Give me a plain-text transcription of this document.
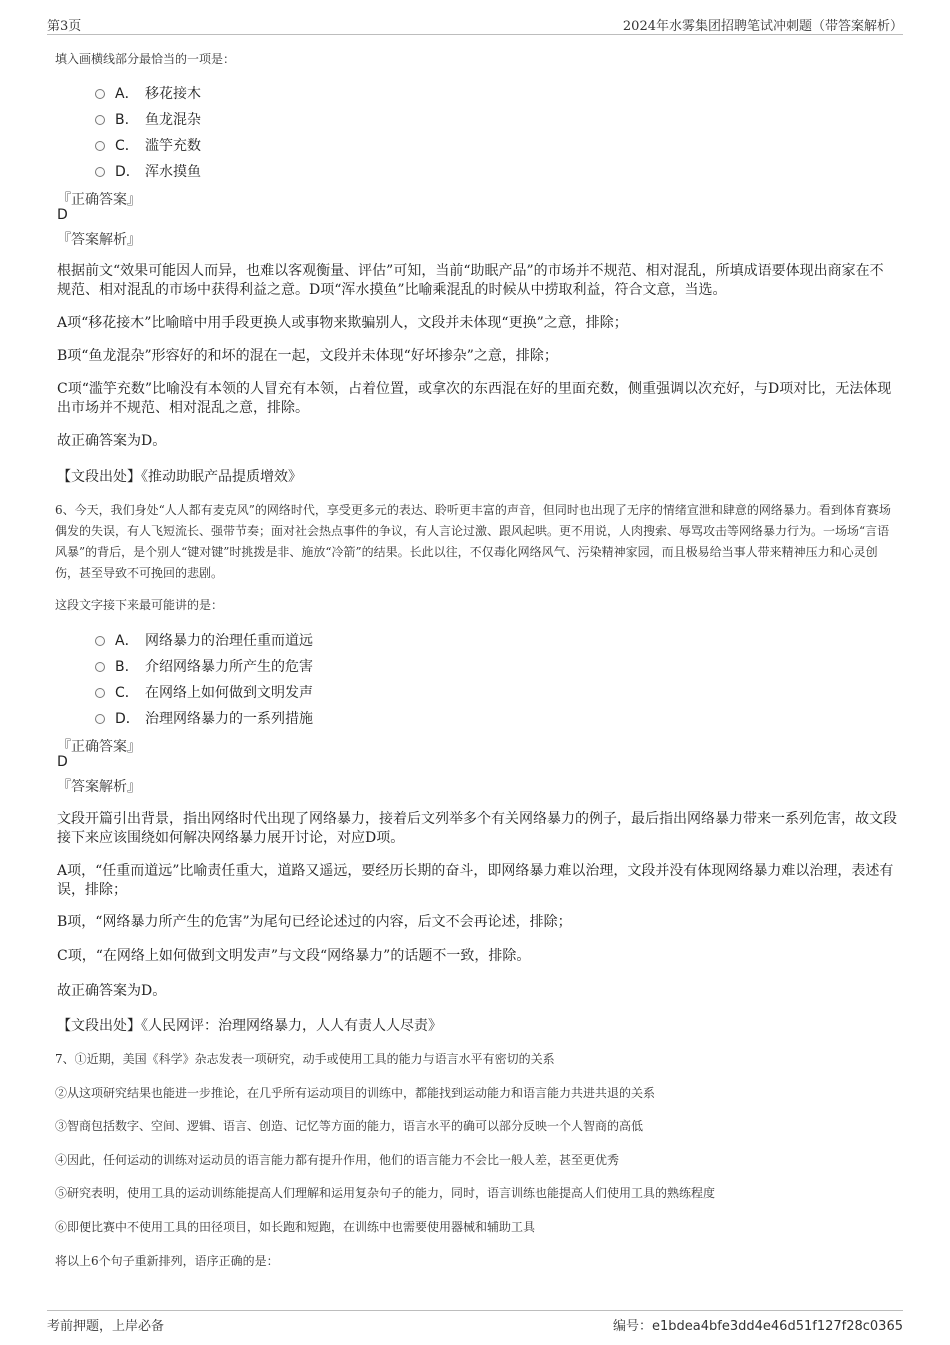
第3页	2024年水雾集团招聘笔试冲刺题（带答案解析）
填入画横线部分最恰当的一项是：
A． 移花接木
B. 鱼龙混杂
C． 滥竽充数
D． 浑水摸鱼
『正确答案』
D
『答案解析』
根据前文“效果可能因人而异，也难以客观衡量、评估”可知，当前“助眠产品”的市场并不规范、相对混乱，所填成语要体现出商家在不规范、相对混乱的市场中获得利益之意。D项“浑水摸鱼”比喻乘混乱的时候从中捞取利益，符合文意，当选。
A项“移花接木”比喻暗中用手段更换人或事物来欺骗别人，文段并未体现“更换”之意，排除；
B项“鱼龙混杂”形容好的和坏的混在一起，文段并未体现“好坏掺杂”之意，排除；
C项“滥竽充数”比喻没有本领的人冒充有本领，占着位置，或拿次的东西混在好的里面充数，侧重强调以次充好，与D项对比，无法体现出市场并不规范、相对混乱之意，排除。
故正确答案为D。
【文段出处】《推动助眠产品提质增效》
6、今天，我们身处“人人都有麦克风”的网络时代，享受更多元的表达、聆听更丰富的声音，但同时也出现了无序的情绪宣泄和肆意的网络暴力。看到体育赛场偶发的失误，有人飞短流长、强带节奏；面对社会热点事件的争议，有人言论过激、跟风起哄。更不用说，人肉搜索、辱骂攻击等网络暴力行为。一场场“言语风暴”的背后，是个别人“键对键”时挑拨是非、施放“冷箭”的结果。长此以往，不仅毒化网络风气、污染精神家园，而且极易给当事人带来精神压力和心灵创伤，甚至导致不可挽回的悲剧。
这段文字接下来最可能讲的是：
A． 网络暴力的治理任重而道远
B. 介绍网络暴力所产生的危害
C． 在网络上如何做到文明发声
D． 治理网络暴力的一系列措施
『正确答案』
D
『答案解析』
文段开篇引出背景，指出网络时代出现了网络暴力，接着后文列举多个有关网络暴力的例子，最后指出网络暴力带来一系列危害，故文段接下来应该围绕如何解决网络暴力展开讨论，对应D项。
A项，“任重而道远”比喻责任重大，道路又遥远，要经历长期的奋斗，即网络暴力难以治理，文段并没有体现网络暴力难以治理，表述有误，排除；
B项，“网络暴力所产生的危害”为尾句已经论述过的内容，后文不会再论述，排除；
C项，“在网络上如何做到文明发声”与文段“网络暴力”的话题不一致，排除。
故正确答案为D。
【文段出处】《人民网评：治理网络暴力，人人有责人人尽责》
7、①近期，美国《科学》杂志发表一项研究，动手或使用工具的能力与语言水平有密切的关系
②从这项研究结果也能进一步推论，在几乎所有运动项目的训练中，都能找到运动能力和语言能力共进共退的关系
③智商包括数字、空间、逻辑、语言、创造、记忆等方面的能力，语言水平的确可以部分反映一个人智商的高低
④因此，任何运动的训练对运动员的语言能力都有提升作用，他们的语言能力不会比一般人差，甚至更优秀
⑤研究表明，使用工具的运动训练能提高人们理解和运用复杂句子的能力，同时，语言训练也能提高人们使用工具的熟练程度
⑥即便比赛中不使用工具的田径项目，如长跑和短跑，在训练中也需要使用器械和辅助工具
将以上6个句子重新排列，语序正确的是：
考前押题，上岸必备	编号：e1bdea4bfe3dd4e46d51f127f28c0365
